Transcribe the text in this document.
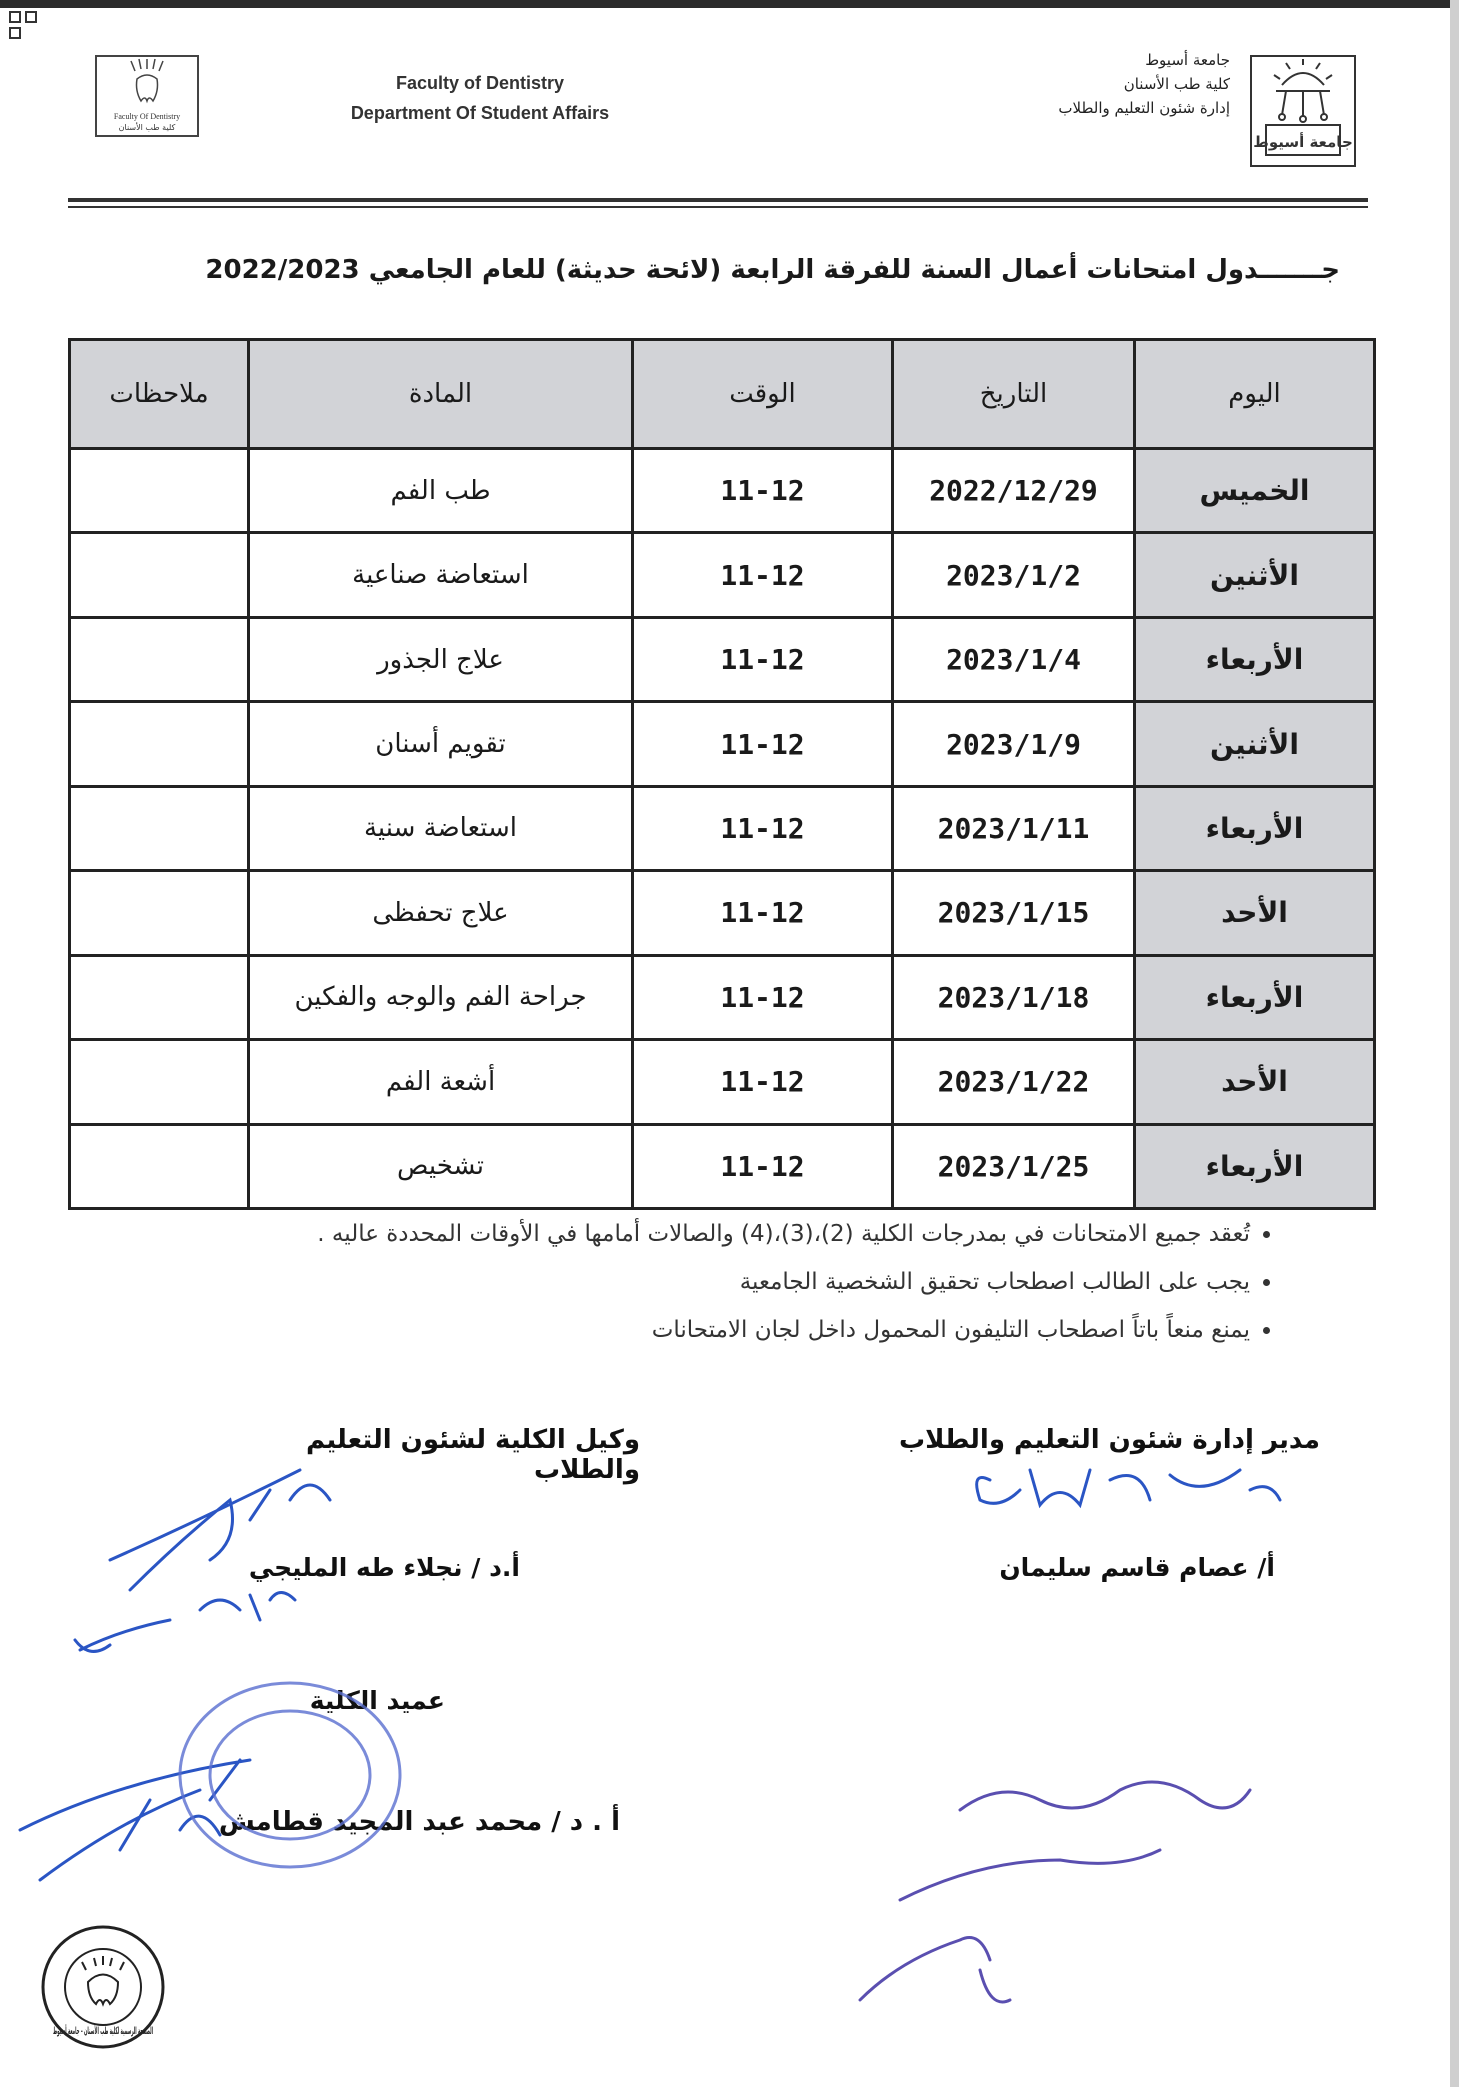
Faculty Of Dentistry
كلية طب الأسنان
Faculty of Dentistry
Department Of Student Affairs
جامعة أسيوط
كلية طب الأسنان
إدارة شئون التعليم والطلاب
جامعة أسيوط
جـــــــدول امتحانات أعمال السنة للفرقة الرابعة (لائحة حديثة) للعام الجامعي 2022/2023
اليوم	التاريخ	الوقت	المادة	ملاحظات
الخميس	2022/12/29	11-12	طب الفم	
الأثنين	2023/1/2	11-12	استعاضة صناعية	
الأربعاء	2023/1/4	11-12	علاج الجذور	
الأثنين	2023/1/9	11-12	تقويم أسنان	
الأربعاء	2023/1/11	11-12	استعاضة سنية	
الأحد	2023/1/15	11-12	علاج تحفظى	
الأربعاء	2023/1/18	11-12	جراحة الفم والوجه والفكين	
الأحد	2023/1/22	11-12	أشعة الفم	
الأربعاء	2023/1/25	11-12	تشخيص	
• تُعقد جميع الامتحانات في بمدرجات الكلية (2)،(3)،(4) والصالات أمامها في الأوقات المحددة عاليه .
• يجب على الطالب اصطحاب تحقيق الشخصية الجامعية
• يمنع منعاً باتاً اصطحاب التليفون المحمول داخل لجان الامتحانات
مدير إدارة شئون التعليم والطلاب
أ/ عصام قاسم سليمان
وكيل الكلية لشئون التعليم والطلاب
أ.د / نجلاء طه المليجي
عميد الكلية
أ . د / محمد عبد المجيد قطامش
الصفحة الرسمية لكلية طب الأسنان - جامعة أسيوط
